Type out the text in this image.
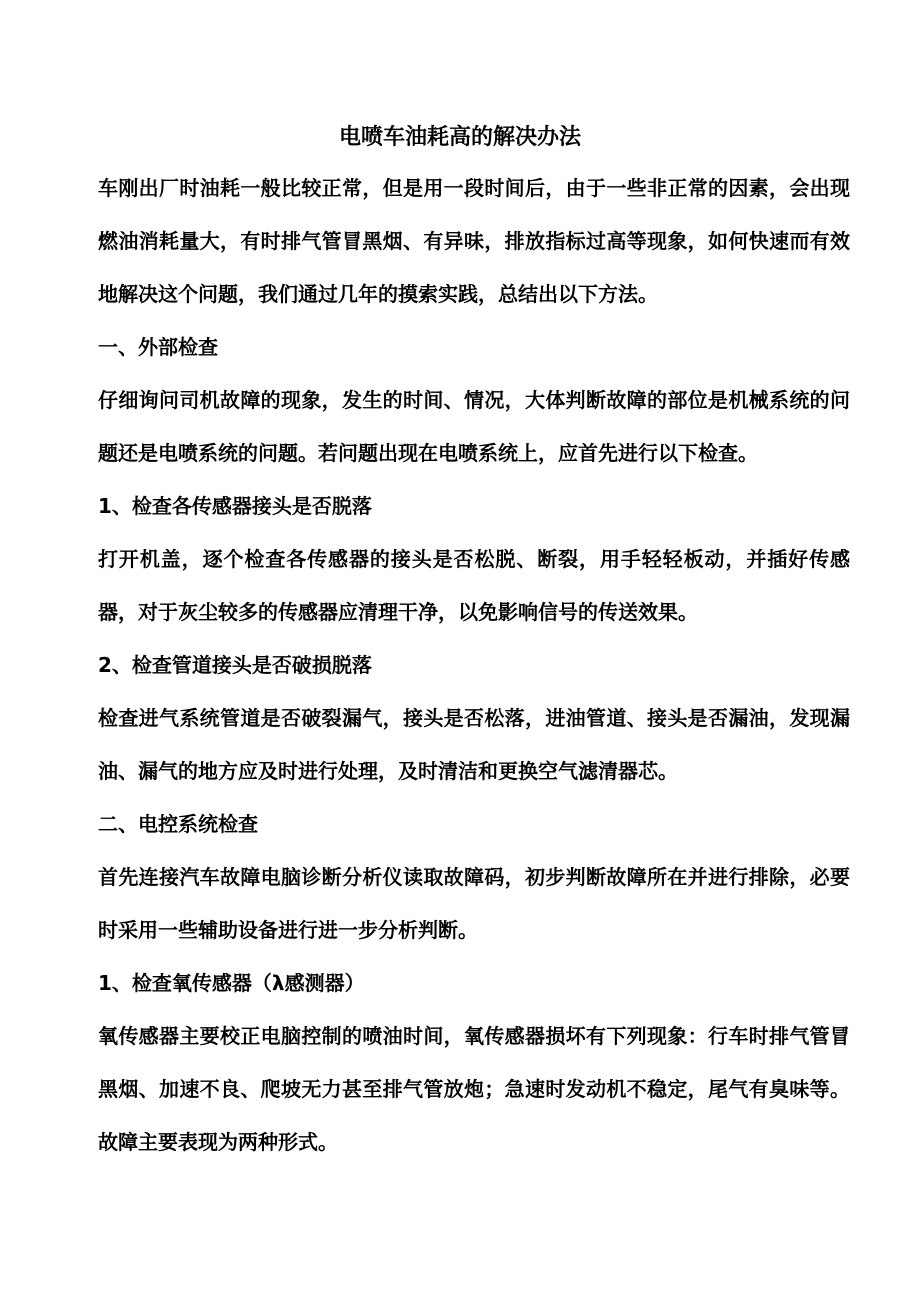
电喷车油耗高的解决办法

车刚出厂时油耗一般比较正常，但是用一段时间后，由于一些非正常的因素，会出现燃油消耗量大，有时排气管冒黑烟、有异味，排放指标过高等现象，如何快速而有效地解决这个问题，我们通过几年的摸索实践，总结出以下方法。

一、外部检查

仔细询问司机故障的现象，发生的时间、情况，大体判断故障的部位是机械系统的问题还是电喷系统的问题。若问题出现在电喷系统上，应首先进行以下检查。

1、检查各传感器接头是否脱落

打开机盖，逐个检查各传感器的接头是否松脱、断裂，用手轻轻板动，并插好传感器，对于灰尘较多的传感器应清理干净，以免影响信号的传送效果。

2、检查管道接头是否破损脱落

检查进气系统管道是否破裂漏气，接头是否松落，进油管道、接头是否漏油，发现漏油、漏气的地方应及时进行处理，及时清洁和更换空气滤清器芯。

二、电控系统检查

首先连接汽车故障电脑诊断分析仪读取故障码，初步判断故障所在并进行排除，必要时采用一些辅助设备进行进一步分析判断。

1、检查氧传感器（λ感测器）

氧传感器主要校正电脑控制的喷油时间，氧传感器损坏有下列现象：行车时排气管冒黑烟、加速不良、爬坡无力甚至排气管放炮；急速时发动机不稳定，尾气有臭味等。故障主要表现为两种形式。
